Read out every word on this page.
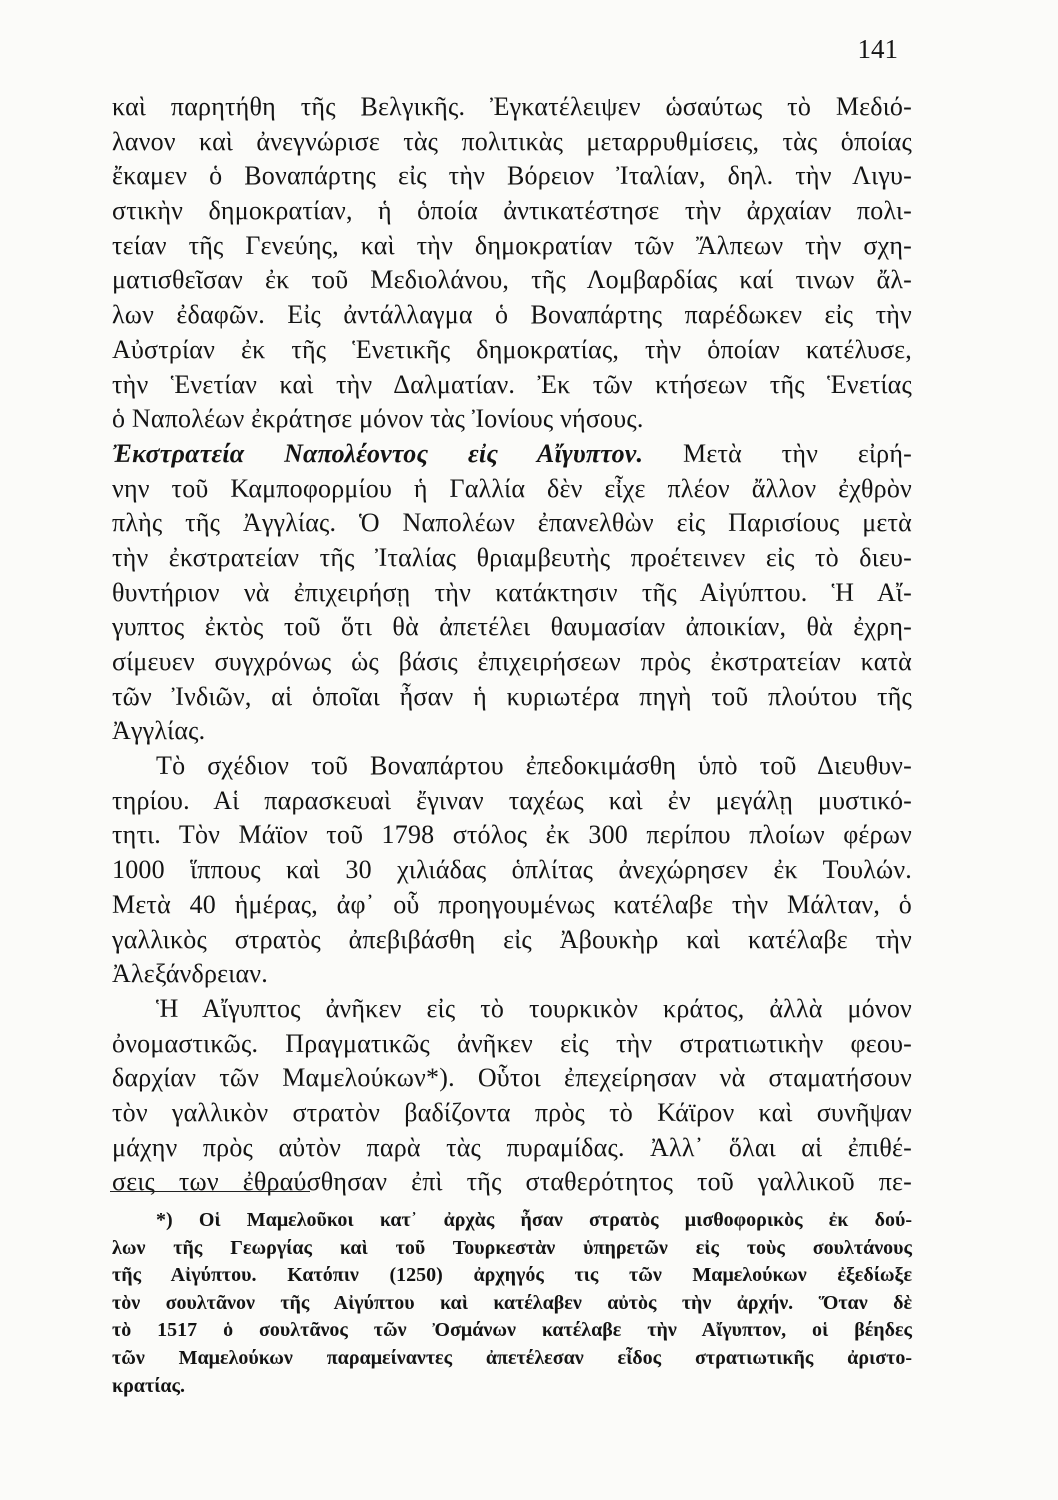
141
καὶ παρητήθη τῆς Βελγικῆς. Ἐγκατέλειψεν ὡσαύτως τὸ Μεδιό-
λανον καὶ ἀνεγνώρισε τὰς πολιτικὰς μεταρρυθμίσεις, τὰς ὁποίας
ἔκαμεν ὁ Βοναπάρτης εἰς τὴν Βόρειον Ἰταλίαν, δηλ. τὴν Λιγυ-
στικὴν δημοκρατίαν, ἡ ὁποία ἀντικατέστησε τὴν ἀρχαίαν πολι-
τείαν τῆς Γενεύης, καὶ τὴν δημοκρατίαν τῶν Ἄλπεων τὴν σχη-
ματισθεῖσαν ἐκ τοῦ Μεδιολάνου, τῆς Λομβαρδίας καί τινων ἄλ-
λων ἐδαφῶν. Εἰς ἀντάλλαγμα ὁ Βοναπάρτης παρέδωκεν εἰς τὴν
Αὐστρίαν ἐκ τῆς Ἑνετικῆς δημοκρατίας, τὴν ὁποίαν κατέλυσε,
τὴν Ἑνετίαν καὶ τὴν Δαλματίαν. Ἐκ τῶν κτήσεων τῆς Ἑνετίας
ὁ Ναπολέων ἐκράτησε μόνον τὰς Ἰονίους νήσους.
Ἐκστρατεία Ναπολέοντος εἰς Αἴγυπτον. Μετὰ τὴν εἰρή-
νην τοῦ Καμποφορμίου ἡ Γαλλία δὲν εἶχε πλέον ἄλλον ἐχθρὸν
πλὴς τῆς Ἀγγλίας. Ὁ Ναπολέων ἐπανελθὼν εἰς Παρισίους μετὰ
τὴν ἐκστρατείαν τῆς Ἰταλίας θριαμβευτὴς προέτεινεν εἰς τὸ διευ-
θυντήριον νὰ ἐπιχειρήσῃ τὴν κατάκτησιν τῆς Αἰγύπτου. Ἡ Αἴ-
γυπτος ἐκτὸς τοῦ ὅτι θὰ ἀπετέλει θαυμασίαν ἀποικίαν, θὰ ἐχρη-
σίμευεν συγχρόνως ὡς βάσις ἐπιχειρήσεων πρὸς ἐκστρατείαν κατὰ
τῶν Ἰνδιῶν, αἱ ὁποῖαι ἦσαν ἡ κυριωτέρα πηγὴ τοῦ πλούτου τῆς
Ἀγγλίας.
Τὸ σχέδιον τοῦ Βοναπάρτου ἐπεδοκιμάσθη ὑπὸ τοῦ Διευθυν-
τηρίου. Αἱ παρασκευαὶ ἔγιναν ταχέως καὶ ἐν μεγάλῃ μυστικό-
τητι. Τὸν Μάϊον τοῦ 1798 στόλος ἐκ 300 περίπου πλοίων φέρων
1000 ἵππους καὶ 30 χιλιάδας ὁπλίτας ἀνεχώρησεν ἐκ Τουλών.
Μετὰ 40 ἡμέρας, ἀφ᾽ οὗ προηγουμένως κατέλαβε τὴν Μάλταν, ὁ
γαλλικὸς στρατὸς ἀπεβιβάσθη εἰς Ἀβουκὴρ καὶ κατέλαβε τὴν
Ἀλεξάνδρειαν.
Ἡ Αἴγυπτος ἀνῆκεν εἰς τὸ τουρκικὸν κράτος, ἀλλὰ μόνον
ὀνομαστικῶς. Πραγματικῶς ἀνῆκεν εἰς τὴν στρατιωτικὴν φεου-
δαρχίαν τῶν Μαμελούκων*). Οὗτοι ἐπεχείρησαν νὰ σταματήσουν
τὸν γαλλικὸν στρατὸν βαδίζοντα πρὸς τὸ Κάϊρον καὶ συνῆψαν
μάχην πρὸς αὐτὸν παρὰ τὰς πυραμίδας. Ἀλλ᾽ ὅλαι αἱ ἐπιθέ-
σεις των ἐθραύσθησαν ἐπὶ τῆς σταθερότητος τοῦ γαλλικοῦ πε-
*) Οἱ Μαμελοῦκοι κατ᾽ ἀρχὰς ἦσαν στρατὸς μισθοφορικὸς ἐκ δού-
λων τῆς Γεωργίας καὶ τοῦ Τουρκεστὰν ὑπηρετῶν εἰς τοὺς σουλτάνους
τῆς Αἰγύπτου. Κατόπιν (1250) ἀρχηγός τις τῶν Μαμελούκων ἐξεδίωξε
τὸν σουλτᾶνον τῆς Αἰγύπτου καὶ κατέλαβεν αὐτὸς τὴν ἀρχήν. Ὅταν δὲ
τὸ 1517 ὁ σουλτᾶνος τῶν Ὀσμάνων κατέλαβε τὴν Αἴγυπτον, οἱ βέηδες
τῶν Μαμελούκων παραμείναντες ἀπετέλεσαν εἶδος στρατιωτικῆς ἀριστο-
κρατίας.
